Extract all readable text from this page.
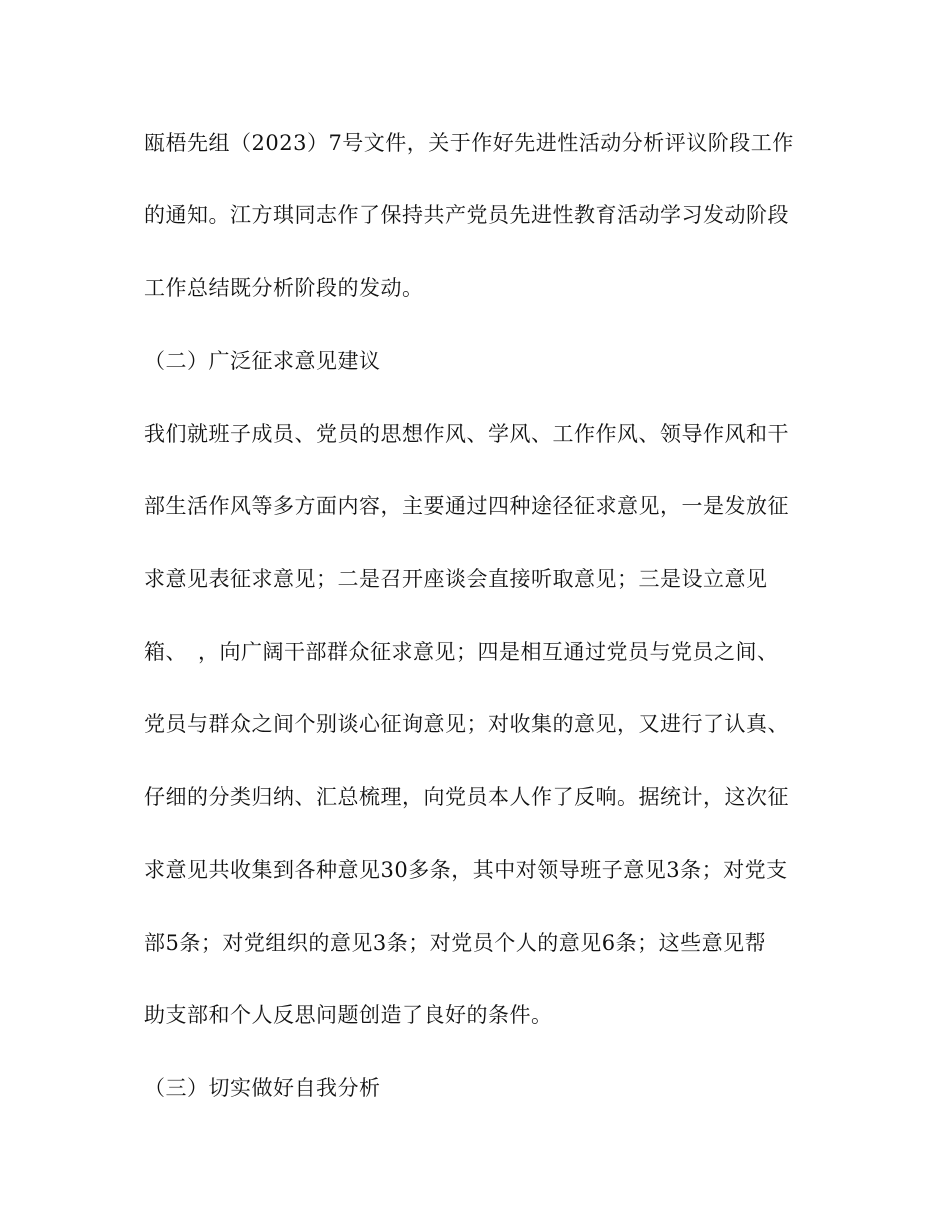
瓯梧先组（2023）7号文件，关于作好先进性活动分析评议阶段工作
的通知。江方琪同志作了保持共产党员先进性教育活动学习发动阶段
工作总结既分析阶段的发动。
（二）广泛征求意见建议
我们就班子成员、党员的思想作风、学风、工作作风、领导作风和干
部生活作风等多方面内容，主要通过四种途径征求意见，一是发放征
求意见表征求意见；二是召开座谈会直接听取意见；三是设立意见
箱、　，向广阔干部群众征求意见；四是相互通过党员与党员之间、
党员与群众之间个别谈心征询意见；对收集的意见，又进行了认真、
仔细的分类归纳、汇总梳理，向党员本人作了反响。据统计，这次征
求意见共收集到各种意见30多条，其中对领导班子意见3条；对党支
部5条；对党组织的意见3条；对党员个人的意见6条；这些意见帮
助支部和个人反思问题创造了良好的条件。
（三）切实做好自我分析
